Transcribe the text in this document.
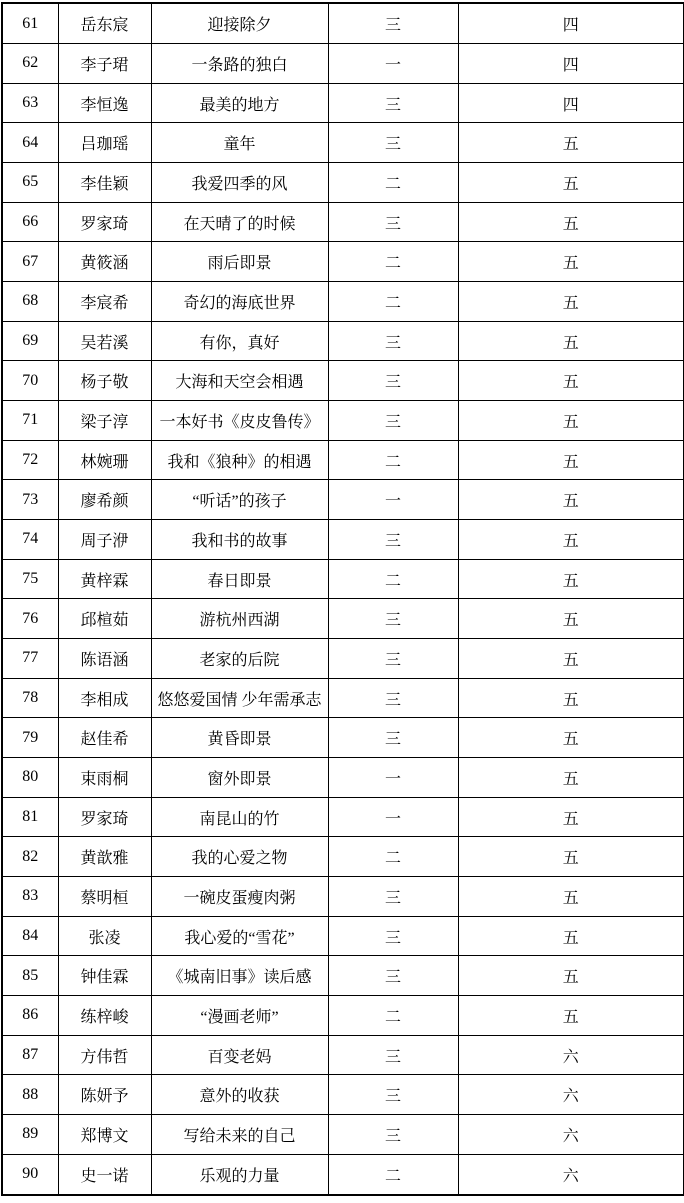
61	岳东宸	迎接除夕	三	四
62	李子珺	一条路的独白	一	四
63	李恒逸	最美的地方	三	四
64	吕珈瑶	童年	三	五
65	李佳颖	我爱四季的风	二	五
66	罗家琦	在天晴了的时候	三	五
67	黄筱涵	雨后即景	二	五
68	李宸希	奇幻的海底世界	二	五
69	吴若溪	有你，真好	三	五
70	杨子敬	大海和天空会相遇	三	五
71	梁子淳	一本好书《皮皮鲁传》	三	五
72	林婉珊	我和《狼种》的相遇	二	五
73	廖希颜	“听话”的孩子	一	五
74	周子洢	我和书的故事	三	五
75	黄梓霖	春日即景	二	五
76	邱楦茹	游杭州西湖	三	五
77	陈语涵	老家的后院	三	五
78	李相成	悠悠爱国情 少年需承志	三	五
79	赵佳希	黄昏即景	三	五
80	束雨桐	窗外即景	一	五
81	罗家琦	南昆山的竹	一	五
82	黄歆雅	我的心爱之物	二	五
83	蔡明桓	一碗皮蛋瘦肉粥	三	五
84	张凌	我心爱的“雪花”	三	五
85	钟佳霖	《城南旧事》读后感	三	五
86	练梓峻	“漫画老师”	二	五
87	方伟哲	百变老妈	三	六
88	陈妍予	意外的收获	三	六
89	郑博文	写给未来的自己	三	六
90	史一诺	乐观的力量	二	六
